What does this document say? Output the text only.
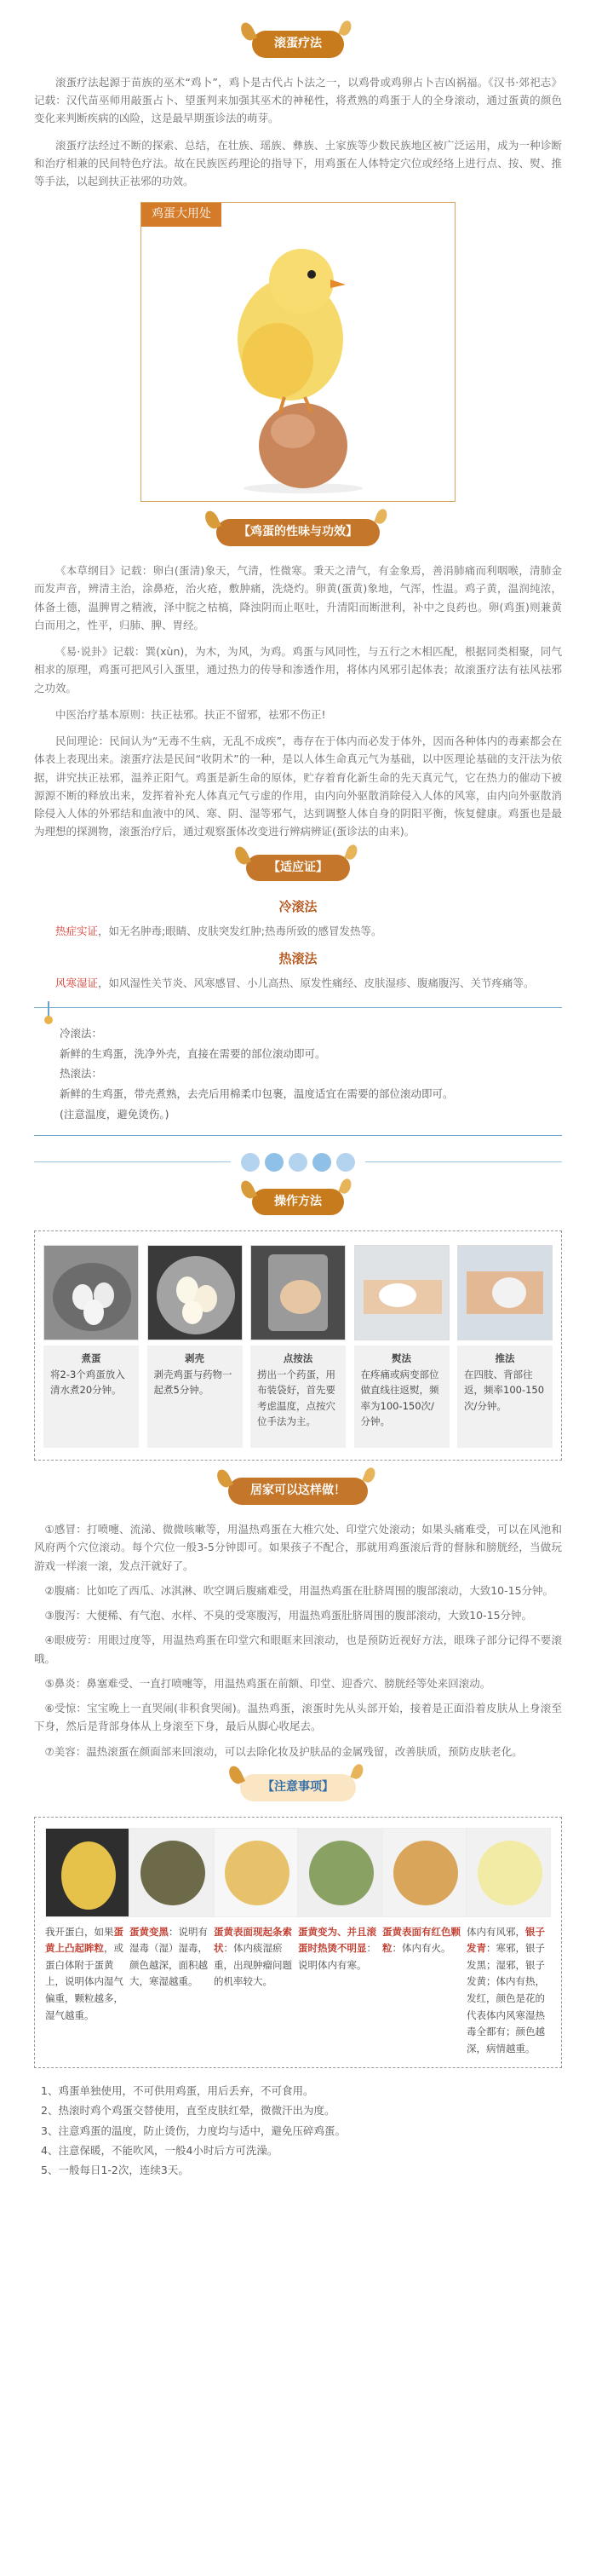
滚蛋疗法

滚蛋疗法起源于苗族的巫术“鸡卜”，鸡卜是古代占卜法之一，以鸡骨或鸡卵占卜吉凶祸福。《汉书·郊祀志》记载：汉代苗巫师用敲蛋占卜、望蛋判来加强其巫术的神秘性，将煮熟的鸡蛋于人的全身滚动，通过蛋黄的颜色变化来判断疾病的凶险，这是最早期蛋诊法的萌芽。

滚蛋疗法经过不断的探索、总结，在壮族、瑶族、彝族、土家族等少数民族地区被广泛运用，成为一种诊断和治疗相兼的民间特色疗法。故在民族医药理论的指导下，用鸡蛋在人体特定穴位或经络上进行点、按、熨、推等手法，以起到扶正祛邪的功效。

鸡蛋大用处
【鸡蛋的性味与功效】

《本草纲目》记载：卵白(蛋清)象天，气清，性微寒。秉天之清气，有金象焉，善涓肺痛而利咽喉，清肺金而发声音，辨清主治，涂鼻疮，治火疮，敷肿痛，洗烧灼。卵黄(蛋黄)象地，气浑，性温。鸡子黄，温润纯浓，体备土德，温脾胃之精液，泽中脘之枯槁，降浊阴而止呕吐，升清阳而断泄利，补中之良药也。卵(鸡蛋)则兼黄白而用之，性平，归肺、脾、胃经。

《易·说卦》记载：巽(xùn)，为木，为风，为鸡。鸡蛋与风同性，与五行之木相匹配，根据同类相聚，同气相求的原理，鸡蛋可把风引入蛋里，通过热力的传导和渗透作用，将体内风邪引起体表；故滚蛋疗法有祛风祛邪之功效。

中医治疗基本原则：扶正祛邪。扶正不留邪，祛邪不伤正!

民间理论：民间认为“无毒不生病，无乱不成疾”，毒存在于体内而必发于体外，因而各种体内的毒素都会在体表上表现出来。滚蛋疗法是民间“收阴术”的一种，是以人体生命真元气为基础，以中医理论基础的支汗法为依据，讲究扶正祛邪，温养正阳气。鸡蛋是新生命的原体，贮存着育化新生命的先天真元气，它在热力的催动下被源源不断的释放出来，发挥着补充人体真元气亏虚的作用，由内向外驱散消除侵入人体的风寒，由内向外驱散消除侵入人体的外邪结和血液中的风、寒、阴、湿等邪气，达到调整人体自身的阴阳平衡，恢复健康。鸡蛋也是最为理想的探测物，滚蛋治疗后，通过观察蛋体改变进行辨病辨证(蛋诊法的由来)。

【适应证】
冷滚法

热症实证，如无名肿毒;眼睛、皮肤突发红肿;热毒所致的感冒发热等。

热滚法

风寒湿证，如风湿性关节炎、风寒感冒、小儿高热、原发性痛经、皮肤湿疹、腹痛腹泻、关节疼痛等。

冷滚法：
新鲜的生鸡蛋，洗净外壳，直接在需要的部位滚动即可。
热滚法：
新鲜的生鸡蛋，带壳煮熟，去壳后用棉柔巾包裹，温度适宜在需要的部位滚动即可。
(注意温度，避免烫伤。)
操作方法
煮蛋
将2-3个鸡蛋放入清水煮20分钟。
剥壳
剥壳鸡蛋与药物一起煮5分钟。
点按法
捞出一个药蛋，用布装袋好，首先要考虑温度，点按穴位手法为主。
熨法
在疼痛或病变部位做直线往返熨，频率为100-150次/分钟。
推法
在四肢、背部往返，频率100-150次/分钟。
居家可以这样做！

①感冒：打喷嚏、流涕、微微咳嗽等，用温热鸡蛋在大椎穴处、印堂穴处滚动；如果头痛难受，可以在风池和风府两个穴位滚动。每个穴位一般3-5分钟即可。如果孩子不配合，那就用鸡蛋滚后背的督脉和膀胱经，当做玩游戏一样滚一滚，发点汗就好了。

②腹痛：比如吃了西瓜、冰淇淋、吹空调后腹痛难受，用温热鸡蛋在肚脐周围的腹部滚动，大致10-15分钟。

③腹泻：大便稀、有气泡、水样、不臭的受寒腹泻，用温热鸡蛋肚脐周围的腹部滚动，大致10-15分钟。

④眼疲劳：用眼过度等，用温热鸡蛋在印堂穴和眼眶来回滚动，也是预防近视好方法，眼珠子部分记得不要滚哦。

⑤鼻炎：鼻塞难受、一直打喷嚏等，用温热鸡蛋在前额、印堂、迎香穴、膀胱经等处来回滚动。

⑥受惊：宝宝晚上一直哭闹(非积食哭闹)。温热鸡蛋，滚蛋时先从头部开始，接着是正面沿着皮肤从上身滚至下身，然后是背部身体从上身滚至下身，最后从脚心收尾去。

⑦美容：温热滚蛋在颜面部来回滚动，可以去除化妆及护肤品的金属残留，改善肤质，预防皮肤老化。

【注意事项】
我开蛋白，如果蛋黄上凸起眸粒，或蛋白体附于蛋黄上，说明体内湿气偏重，颗粒越多，湿气越重。
蛋黄变黑：说明有湿毒（湿）湿毒，颜色越深，面积越大，寒湿越重。
蛋黄表面现起条索状：体内痰湿瘀重，出现肿瘤问题的机率较大。
蛋黄变为、并且滚蛋时热烫不明显：说明体内有寒。
蛋黄表面有红色颗粒：体内有火。
体内有风邪，银子发青：寒邪，银子发黑；湿邪，银子发黄；体内有热，发红，颜色是花的代表体内风寒湿热毒全都有；颜色越深，病情越重。

1、鸡蛋单独使用，不可供用鸡蛋，用后丢弃，不可食用。

2、热滚时鸡个鸡蛋交替使用，直至皮肤红晕，微微汗出为度。

3、注意鸡蛋的温度，防止烫伤，力度均与适中，避免压碎鸡蛋。

4、注意保暖，不能吹风，一般4小时后方可洗澡。

5、一般每日1-2次，连续3天。
